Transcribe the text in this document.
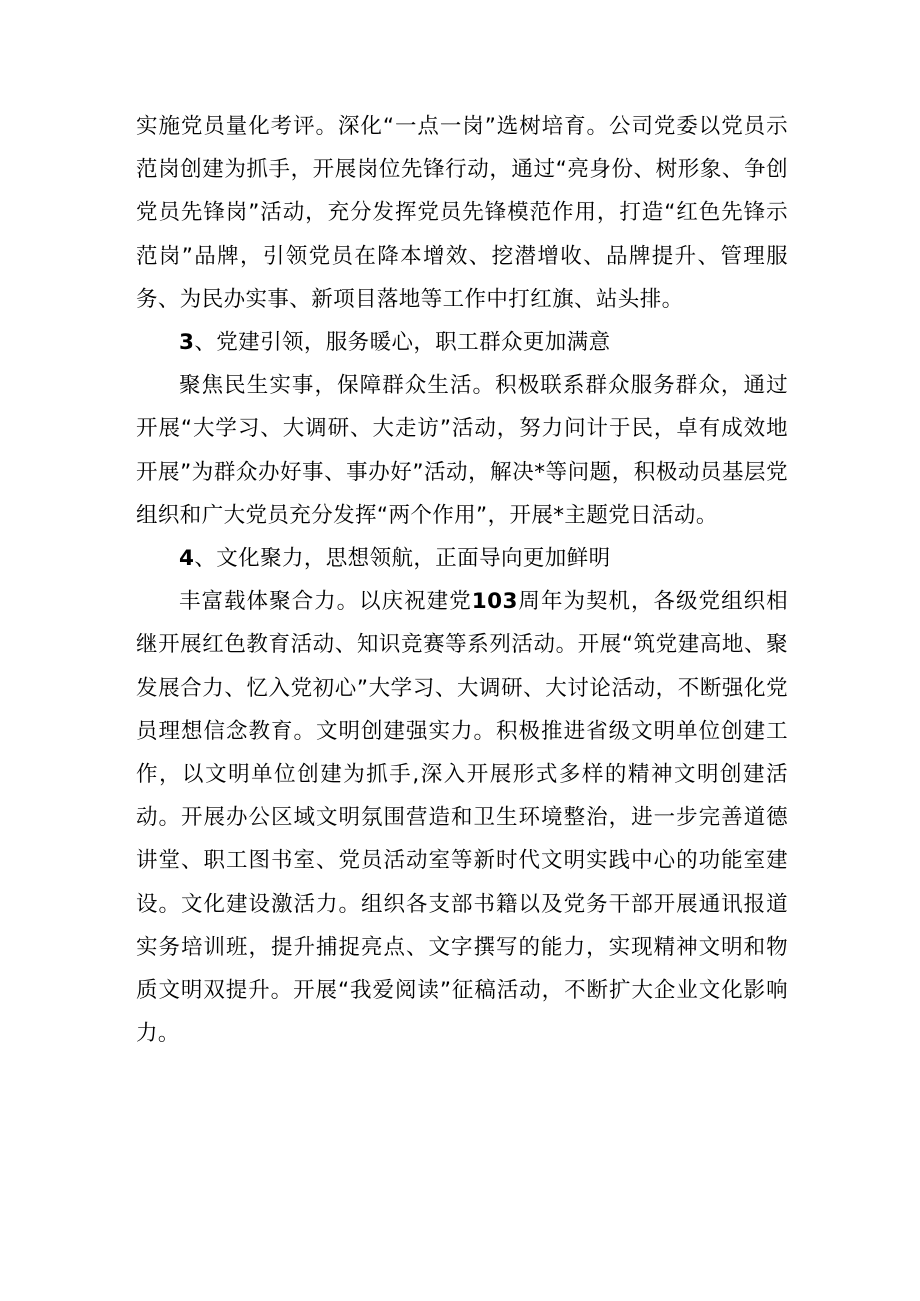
实施党员量化考评。深化“一点一岗”选树培育。公司党委以党员示范岗创建为抓手，开展岗位先锋行动，通过“亮身份、树形象、争创党员先锋岗”活动，充分发挥党员先锋模范作用，打造“红色先锋示范岗”品牌，引领党员在降本增效、挖潜增收、品牌提升、管理服务、为民办实事、新项目落地等工作中打红旗、站头排。

3、党建引领，服务暖心，职工群众更加满意

聚焦民生实事，保障群众生活。积极联系群众服务群众，通过开展“大学习、大调研、大走访”活动，努力问计于民，卓有成效地开展”为群众办好事、事办好”活动，解决*等问题，积极动员基层党组织和广大党员充分发挥“两个作用”，开展*主题党日活动。

4、文化聚力，思想领航，正面导向更加鲜明

丰富载体聚合力。以庆祝建党103周年为契机，各级党组织相继开展红色教育活动、知识竞赛等系列活动。开展“筑党建高地、聚发展合力、忆入党初心”大学习、大调研、大讨论活动，不断强化党员理想信念教育。文明创建强实力。积极推进省级文明单位创建工作，以文明单位创建为抓手,深入开展形式多样的精神文明创建活动。开展办公区域文明氛围营造和卫生环境整治，进一步完善道德讲堂、职工图书室、党员活动室等新时代文明实践中心的功能室建设。文化建设激活力。组织各支部书籍以及党务干部开展通讯报道实务培训班，提升捕捉亮点、文字撰写的能力，实现精神文明和物质文明双提升。开展“我爱阅读”征稿活动，不断扩大企业文化影响力。
